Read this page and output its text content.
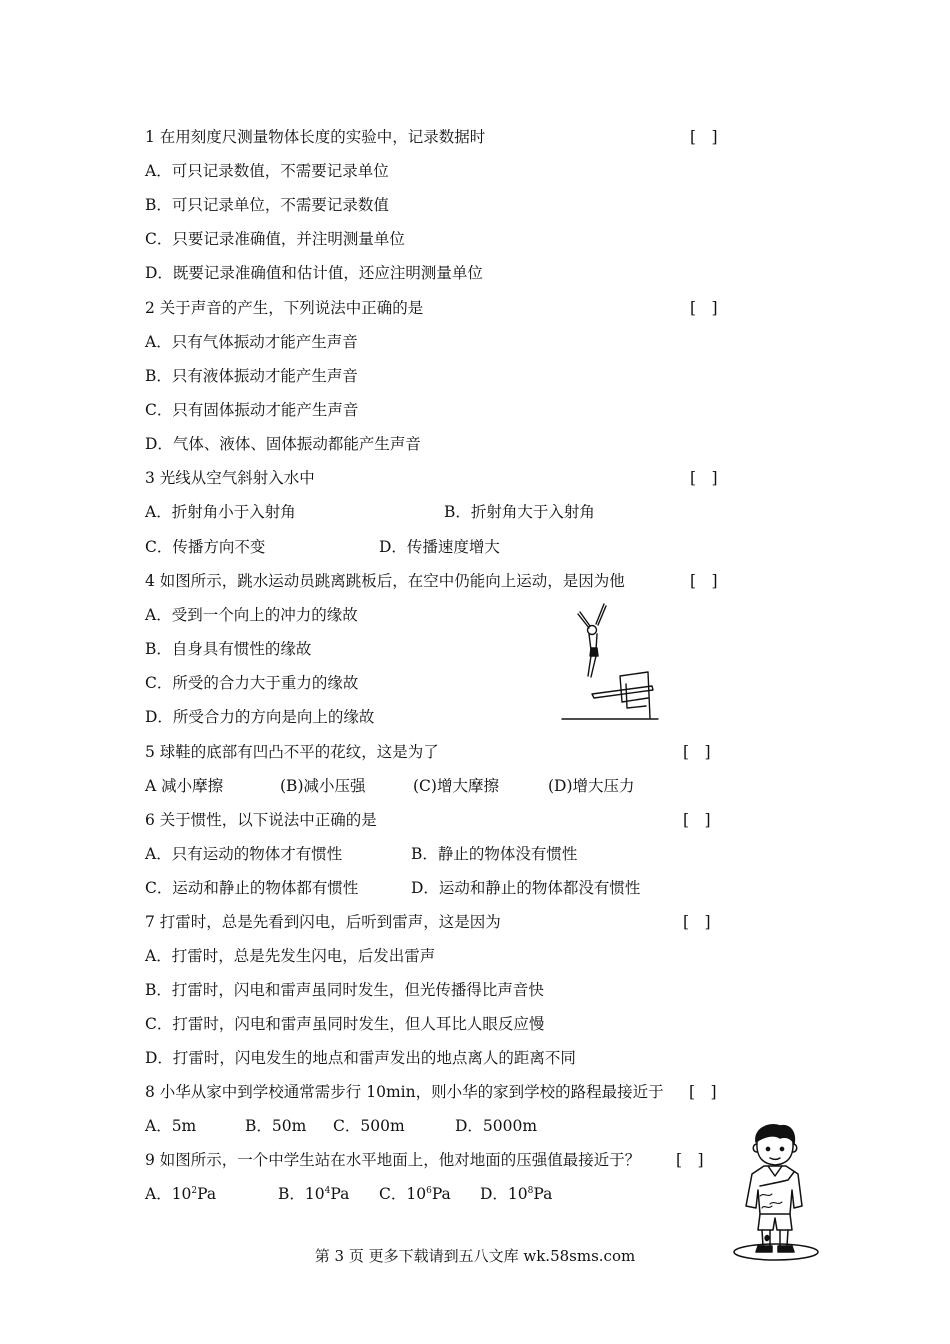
1 在用刻度尺测量物体长度的实验中，记录数据时	[　]
A．可只记录数值，不需要记录单位
B．可只记录单位，不需要记录数值
C．只要记录准确值，并注明测量单位
D．既要记录准确值和估计值，还应注明测量单位
2 关于声音的产生，下列说法中正确的是	[　]
A．只有气体振动才能产生声音
B．只有液体振动才能产生声音
C．只有固体振动才能产生声音
D．气体、液体、固体振动都能产生声音
3 光线从空气斜射入水中	[　]
A．折射角小于入射角	B．折射角大于入射角
C．传播方向不变	D．传播速度增大
4 如图所示，跳水运动员跳离跳板后，在空中仍能向上运动，是因为他	[　]
A．受到一个向上的冲力的缘故
B．自身具有惯性的缘故
C．所受的合力大于重力的缘故
D．所受合力的方向是向上的缘故
5 球鞋的底部有凹凸不平的花纹，这是为了	[　]
A 减小摩擦	(B)减小压强	(C)增大摩擦	(D)增大压力
6 关于惯性，以下说法中正确的是	[　]
A．只有运动的物体才有惯性	B．静止的物体没有惯性
C．运动和静止的物体都有惯性	D．运动和静止的物体都没有惯性
7 打雷时，总是先看到闪电，后听到雷声，这是因为	[　]
A．打雷时，总是先发生闪电，后发出雷声
B．打雷时，闪电和雷声虽同时发生，但光传播得比声音快
C．打雷时，闪电和雷声虽同时发生，但人耳比人眼反应慢
D．打雷时，闪电发生的地点和雷声发出的地点离人的距离不同
8 小华从家中到学校通常需步行 10min，则小华的家到学校的路程最接近于 [　]
A．5m	B．50m C．500m	D．5000m
9 如图所示，一个中学生站在水平地面上，他对地面的压强值最接近于？ [　]
A．$10^2Pa$	B．$10^4Pa$ C．$10^6Pa$ D．$10^8Pa$
第 3 页 更多下载请到五八文库 wk.58sms.com
